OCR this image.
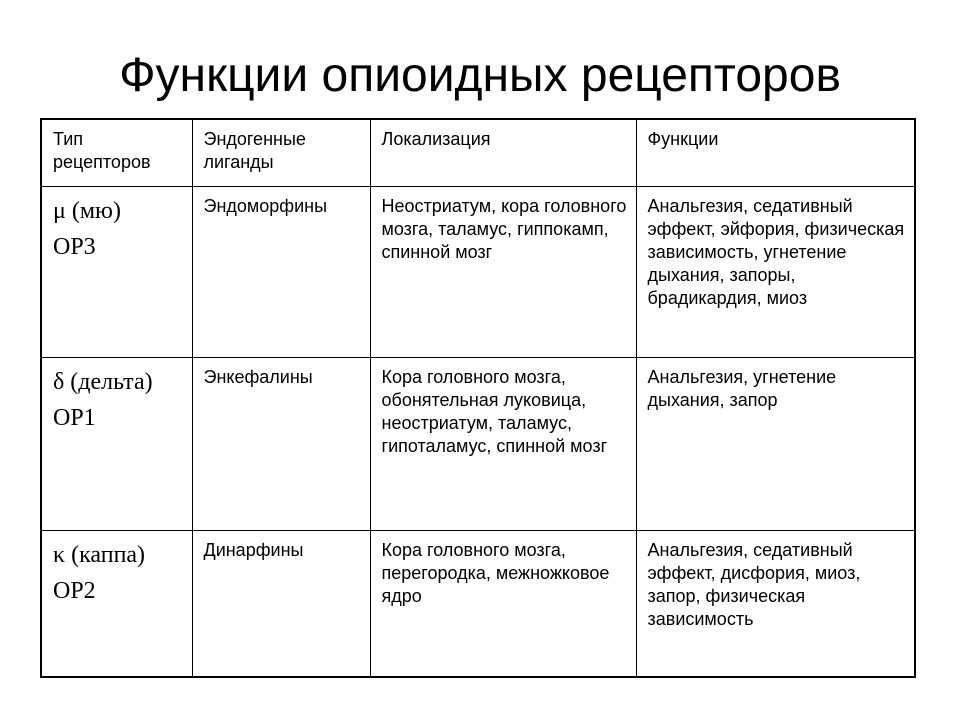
Функции опиоидных рецепторов
Тип рецепторов	Эндогенные лиганды	Локализация	Функции

μ (мю)
ОР3	Эндоморфины	Неостриатум, кора головного мозга, таламус, гиппокамп, спинной мозг	Анальгезия, седативный эффект, эйфория, физическая зависимость, угнетение дыхания, запоры, брадикардия, миоз

δ (дельта)
ОР1	Энкефалины	Кора головного мозга, обонятельная луковица, неостриатум, таламус, гипоталамус, спинной мозг	Анальгезия, угнетение дыхания, запор

κ (каппа)
ОР2	Динарфины	Кора головного мозга, перегородка, межножковое ядро	Анальгезия, седативный эффект, дисфория, миоз, запор, физическая зависимость
